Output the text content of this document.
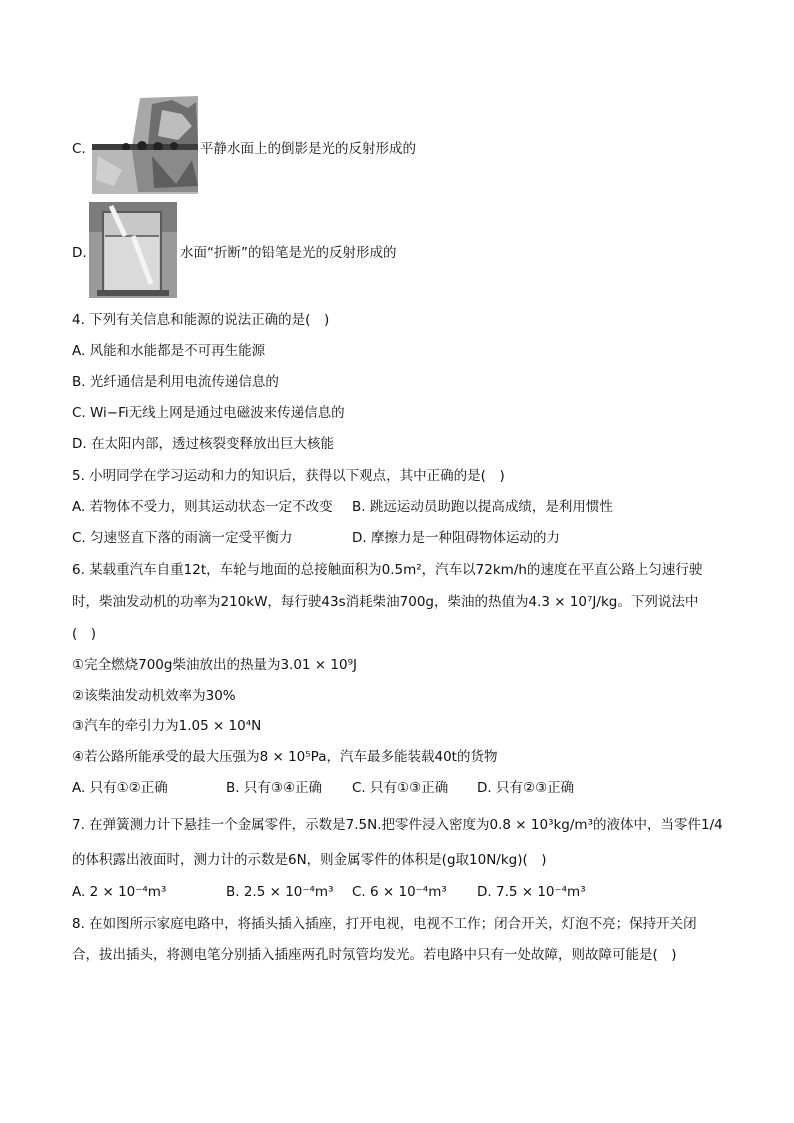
C.	平静水面上的倒影是光的反射形成的
D.	水面“折断”的铅笔是光的反射形成的
4. 下列有关信息和能源的说法正确的是(　)
A. 风能和水能都是不可再生能源
B. 光纤通信是利用电流传递信息的
C. Wi−Fi无线上网是通过电磁波来传递信息的
D. 在太阳内部，透过核裂变释放出巨大核能
5. 小明同学在学习运动和力的知识后，获得以下观点，其中正确的是(　)
A. 若物体不受力，则其运动状态一定不改变 B. 跳远运动员助跑以提高成绩，是利用惯性
C. 匀速竖直下落的雨滴一定受平衡力	D. 摩擦力是一种阻碍物体运动的力
6. 某载重汽车自重12t，车轮与地面的总接触面积为0.5m²，汽车以72km/h的速度在平直公路上匀速行驶
时，柴油发动机的功率为210kW，每行驶43s消耗柴油700g，柴油的热值为4.3 × 10⁷J/kg。下列说法中
(　)
①完全燃烧700g柴油放出的热量为3.01 × 10⁹J
②该柴油发动机效率为30%
③汽车的牵引力为1.05 × 10⁴N
④若公路所能承受的最大压强为8 × 10⁵Pa，汽车最多能装载40t的货物
A. 只有①②正确	B. 只有③④正确 C. 只有①③正确 D. 只有②③正确
7. 在弹簧测力计下悬挂一个金属零件，示数是7.5N.把零件浸入密度为0.8 × 10³kg/m³的液体中，当零件1/4
的体积露出液面时，测力计的示数是6N，则金属零件的体积是(g取10N/kg)(　)
A. 2 × 10⁻⁴m³	B. 2.5 × 10⁻⁴m³ C. 6 × 10⁻⁴m³ D. 7.5 × 10⁻⁴m³
8. 在如图所示家庭电路中，将插头插入插座，打开电视，电视不工作；闭合开关，灯泡不亮；保持开关闭
合，拔出插头，将测电笔分别插入插座两孔时氖管均发光。若电路中只有一处故障，则故障可能是(　)
